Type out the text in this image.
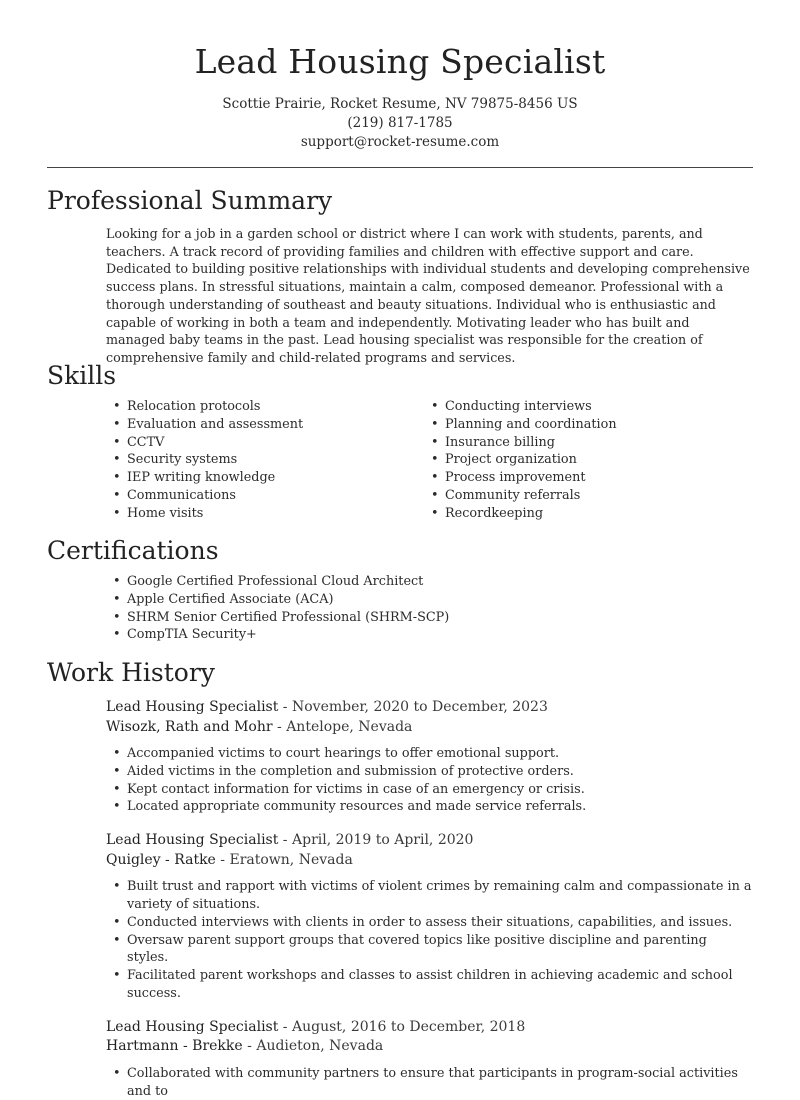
Lead Housing Specialist
Scottie Prairie, Rocket Resume, NV 79875-8456 US
(219) 817-1785
support@rocket-resume.com
Professional Summary
Looking for a job in a garden school or district where I can work with students, parents, and teachers. A track record of providing families and children with effective support and care. Dedicated to building positive relationships with individual students and developing comprehensive success plans. In stressful situations, maintain a calm, composed demeanor. Professional with a thorough understanding of southeast and beauty situations. Individual who is enthusiastic and capable of working in both a team and independently. Motivating leader who has built and managed baby teams in the past. Lead housing specialist was responsible for the creation of comprehensive family and child-related programs and services.
Skills
• Relocation protocols
• Evaluation and assessment
• CCTV
• Security systems
• IEP writing knowledge
• Communications
• Home visits
• Conducting interviews
• Planning and coordination
• Insurance billing
• Project organization
• Process improvement
• Community referrals
• Recordkeeping
Certifications
• Google Certified Professional Cloud Architect
• Apple Certified Associate (ACA)
• SHRM Senior Certified Professional (SHRM-SCP)
• CompTIA Security+
Work History
Lead Housing Specialist - November, 2020 to December, 2023
Wisozk, Rath and Mohr - Antelope, Nevada
• Accompanied victims to court hearings to offer emotional support.
• Aided victims in the completion and submission of protective orders.
• Kept contact information for victims in case of an emergency or crisis.
• Located appropriate community resources and made service referrals.
Lead Housing Specialist - April, 2019 to April, 2020
Quigley - Ratke - Eratown, Nevada
• Built trust and rapport with victims of violent crimes by remaining calm and compassionate in a variety of situations.
• Conducted interviews with clients in order to assess their situations, capabilities, and issues.
• Oversaw parent support groups that covered topics like positive discipline and parenting styles.
• Facilitated parent workshops and classes to assist children in achieving academic and school success.
Lead Housing Specialist - August, 2016 to December, 2018
Hartmann - Brekke - Audieton, Nevada
• Collaborated with community partners to ensure that participants in program-social activities and to
